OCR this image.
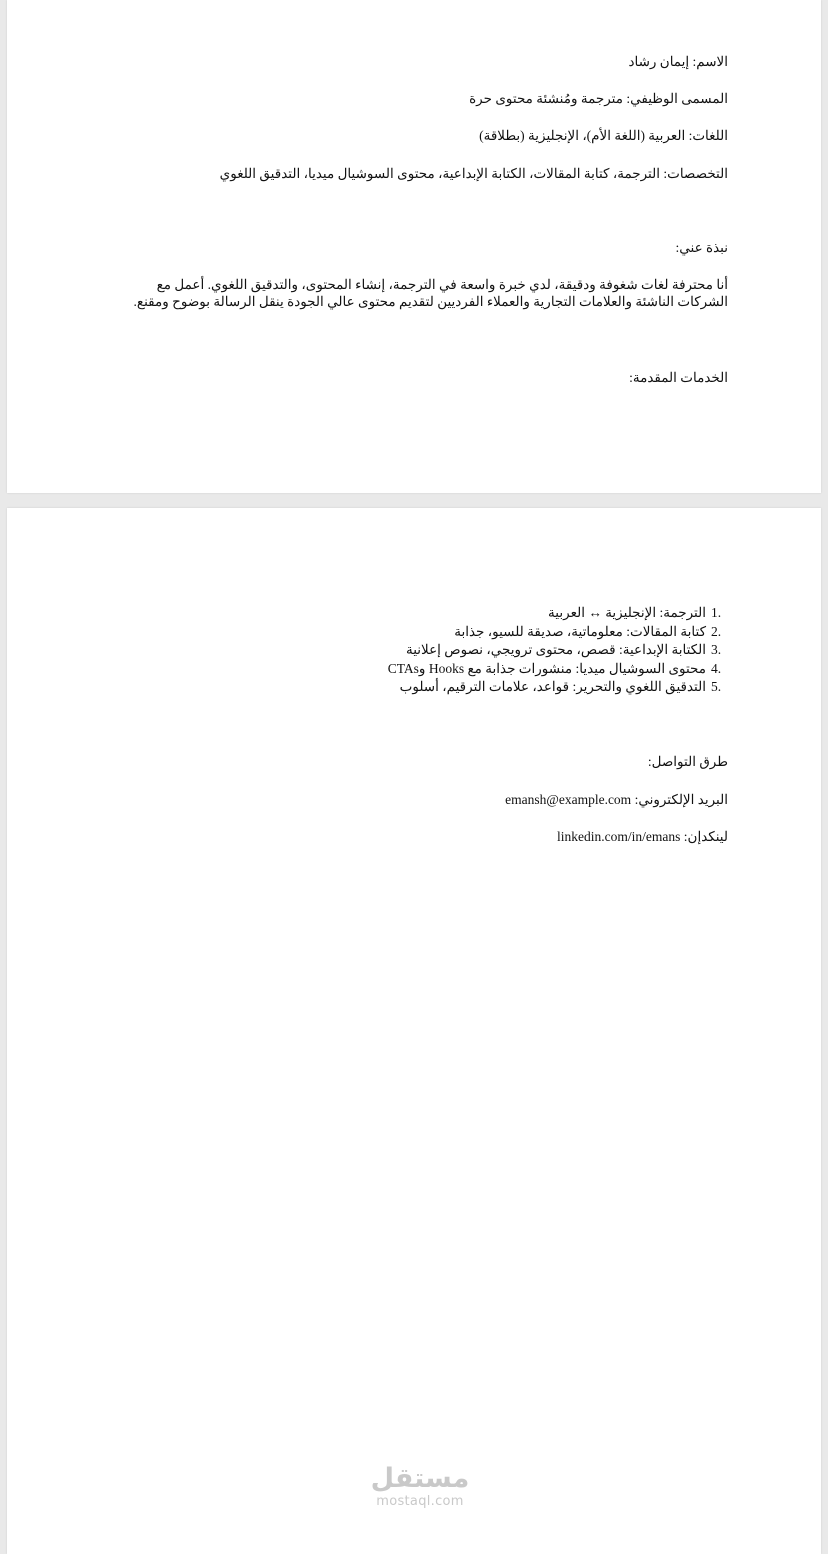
الاسم: إيمان رشاد
المسمى الوظيفي: مترجمة ومُنشئة محتوى حرة
اللغات: العربية (اللغة الأم)، الإنجليزية (بطلاقة)
التخصصات: الترجمة، كتابة المقالات، الكتابة الإبداعية، محتوى السوشيال ميديا، التدقيق اللغوي
نبذة عني:
أنا محترفة لغات شغوفة ودقيقة، لدي خبرة واسعة في الترجمة، إنشاء المحتوى، والتدقيق اللغوي. أعمل مع الشركات الناشئة والعلامات التجارية والعملاء الفرديين لتقديم محتوى عالي الجودة ينقل الرسالة بوضوح ومقنع.
الخدمات المقدمة:
1.
الترجمة: الإنجليزية ↔ العربية
2.
كتابة المقالات: معلوماتية، صديقة للسيو، جذابة
3.
الكتابة الإبداعية: قصص، محتوى ترويجي، نصوص إعلانية
4.
محتوى السوشيال ميديا: منشورات جذابة مع Hooks وCTAs
5.
التدقيق اللغوي والتحرير: قواعد، علامات الترقيم، أسلوب
طرق التواصل:
البريد الإلكتروني: emansh@example.com
لينكدإن: linkedin.com/in/emans
مستقل
mostaql.com
